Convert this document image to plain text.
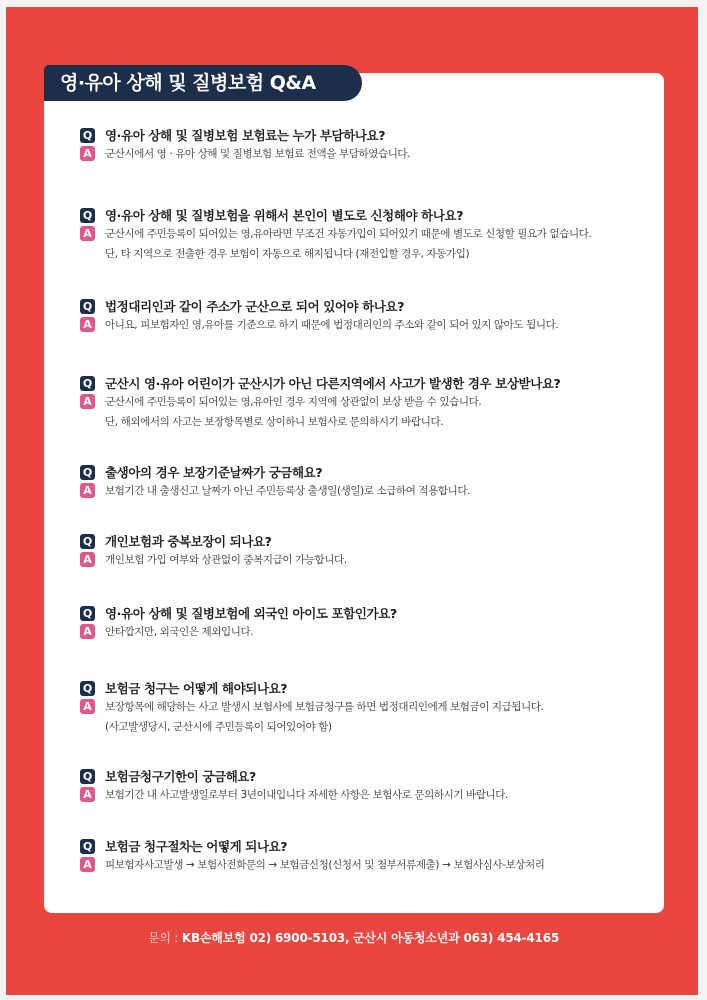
영·유아 상해 및 질병보험 Q&A
Q 영·유아 상해 및 질병보험 보험료는 누가 부담하나요?
A	군산시에서 영 · 유아 상해 및 질병보험 보험료 전액을 부담하였습니다.
Q 영·유아 상해 및 질병보험을 위해서 본인이 별도로 신청해야 하나요?
A	군산시에 주민등록이 되어있는 영,유아라면 무조건 자동가입이 되어있기 때문에 별도로 신청할 필요가 없습니다.
단, 타 지역으로 전출한 경우 보험이 자동으로 해지됩니다 (재전입할 경우, 자동가입)
Q 법정대리인과 같이 주소가 군산으로 되어 있어야 하나요?
A	아니요, 피보험자인 영,유아를 기준으로 하기 때문에 법정대리인의 주소와 같이 되어 있지 않아도 됩니다.
Q 군산시 영·유아 어린이가 군산시가 아닌 다른지역에서 사고가 발생한 경우 보상받나요?
A	군산시에 주민등록이 되어있는 영,유아인 경우 지역에 상관없이 보상 받을 수 있습니다.
단, 해외에서의 사고는 보장항목별로 상이하니 보험사로 문의하시기 바랍니다.
Q 출생아의 경우 보장기준날짜가 궁금해요?
A	보험기간 내 출생신고 날짜가 아닌 주민등록상 출생일(생일)로 소급하여 적용합니다.
Q 개인보험과 중복보장이 되나요?
A	개인보험 가입 여부와 상관없이 중복지급이 가능합니다.
Q 영·유아 상해 및 질병보험에 외국인 아이도 포함인가요?
A	안타깝지만, 외국인은 제외입니다.
Q 보험금 청구는 어떻게 해야되나요?
A	보장항목에 해당하는 사고 발생시 보험사에 보험금청구를 하면 법정대리인에게 보험금이 지급됩니다.
(사고발생당시, 군산시에 주민등록이 되어있어야 함)
Q 보험금청구기한이 궁금해요?
A	보험기간 내 사고발생일로부터 3년이내입니다 자세한 사항은 보험사로 문의하시기 바랍니다.
Q 보험금 청구절차는 어떻게 되나요?
A	피보험자사고발생 → 보험사전화문의 → 보험금신청(신청서 및 첨부서류제출) → 보험사심사-보상처리
문의 : KB손해보험 02) 6900-5103, 군산시 아동청소년과 063) 454-4165
